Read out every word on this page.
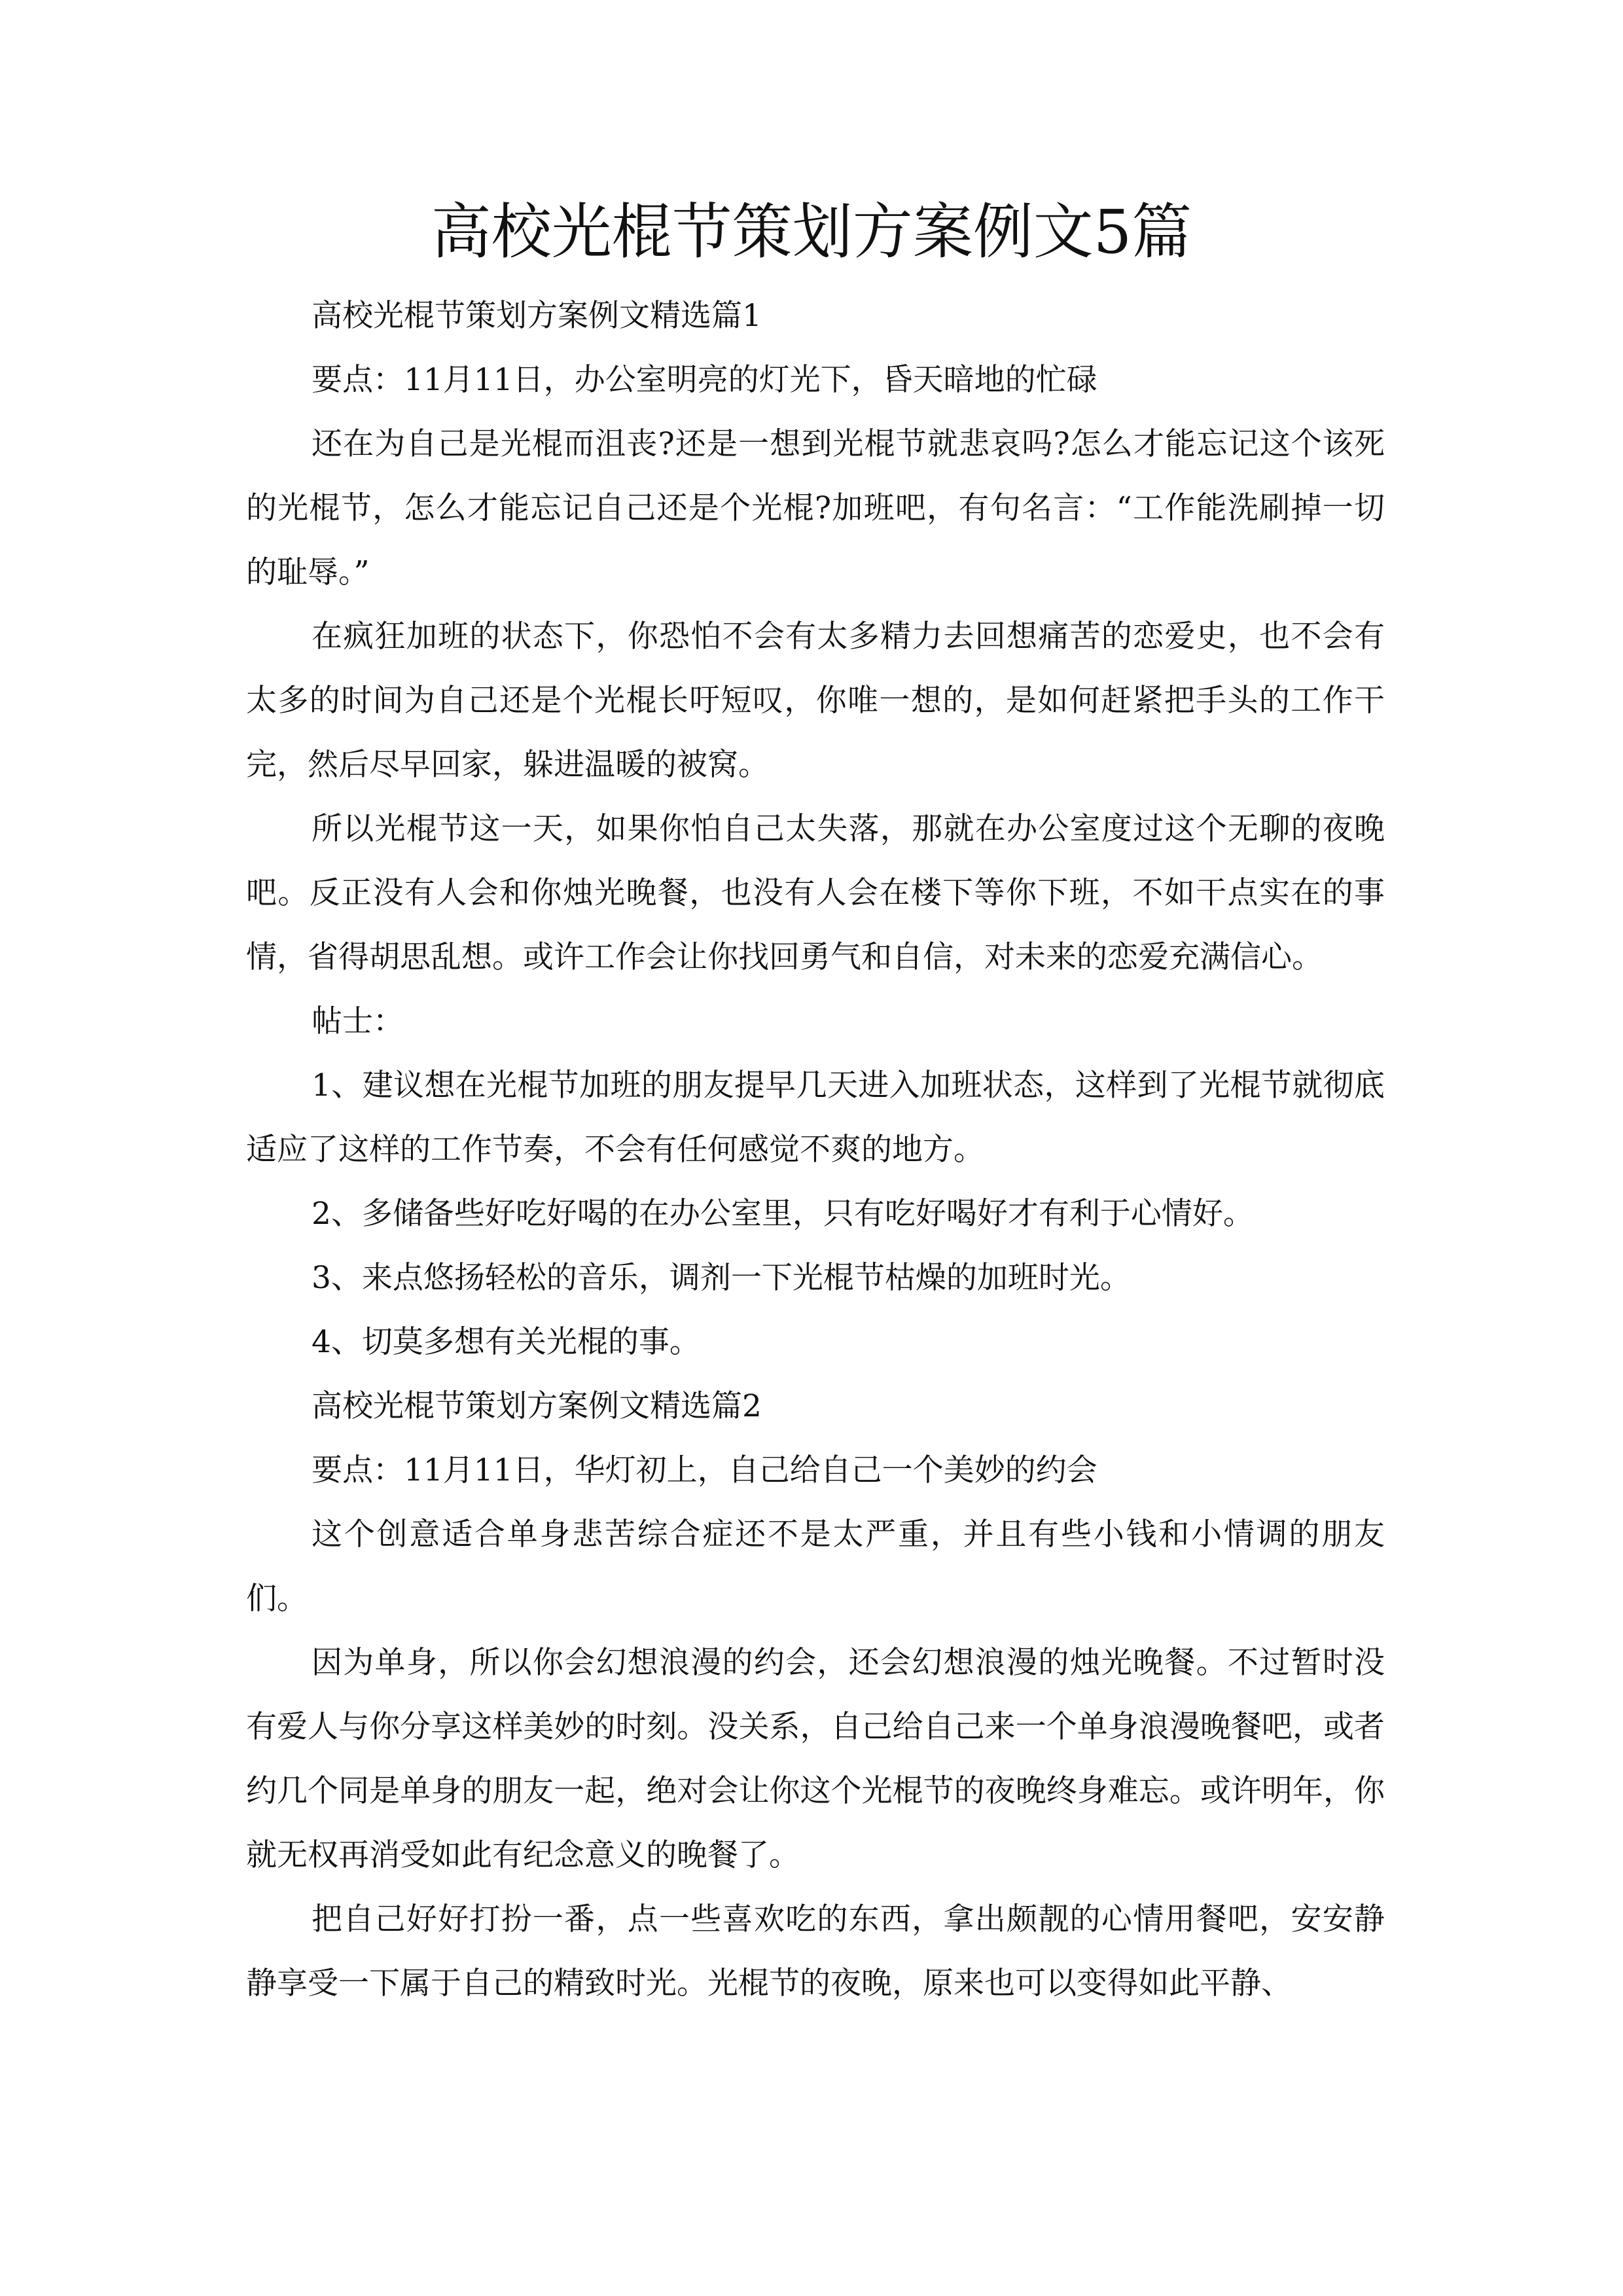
高校光棍节策划方案例文5篇

高校光棍节策划方案例文精选篇1

要点：11月11日，办公室明亮的灯光下，昏天暗地的忙碌

还在为自己是光棍而沮丧?还是一想到光棍节就悲哀吗?怎么才能忘记这个该死的光棍节，怎么才能忘记自己还是个光棍?加班吧，有句名言：“工作能洗刷掉一切的耻辱。”

在疯狂加班的状态下，你恐怕不会有太多精力去回想痛苦的恋爱史，也不会有太多的时间为自己还是个光棍长吁短叹，你唯一想的，是如何赶紧把手头的工作干完，然后尽早回家，躲进温暖的被窝。

所以光棍节这一天，如果你怕自己太失落，那就在办公室度过这个无聊的夜晚吧。反正没有人会和你烛光晚餐，也没有人会在楼下等你下班，不如干点实在的事情，省得胡思乱想。或许工作会让你找回勇气和自信，对未来的恋爱充满信心。

帖士：

1、建议想在光棍节加班的朋友提早几天进入加班状态，这样到了光棍节就彻底适应了这样的工作节奏，不会有任何感觉不爽的地方。

2、多储备些好吃好喝的在办公室里，只有吃好喝好才有利于心情好。

3、来点悠扬轻松的音乐，调剂一下光棍节枯燥的加班时光。

4、切莫多想有关光棍的事。

高校光棍节策划方案例文精选篇2

要点：11月11日，华灯初上，自己给自己一个美妙的约会

这个创意适合单身悲苦综合症还不是太严重，并且有些小钱和小情调的朋友们。

因为单身，所以你会幻想浪漫的约会，还会幻想浪漫的烛光晚餐。不过暂时没有爱人与你分享这样美妙的时刻。没关系，自己给自己来一个单身浪漫晚餐吧，或者约几个同是单身的朋友一起，绝对会让你这个光棍节的夜晚终身难忘。或许明年，你就无权再消受如此有纪念意义的晚餐了。

把自己好好打扮一番，点一些喜欢吃的东西，拿出颇靓的心情用餐吧，安安静静享受一下属于自己的精致时光。光棍节的夜晚，原来也可以变得如此平静、
